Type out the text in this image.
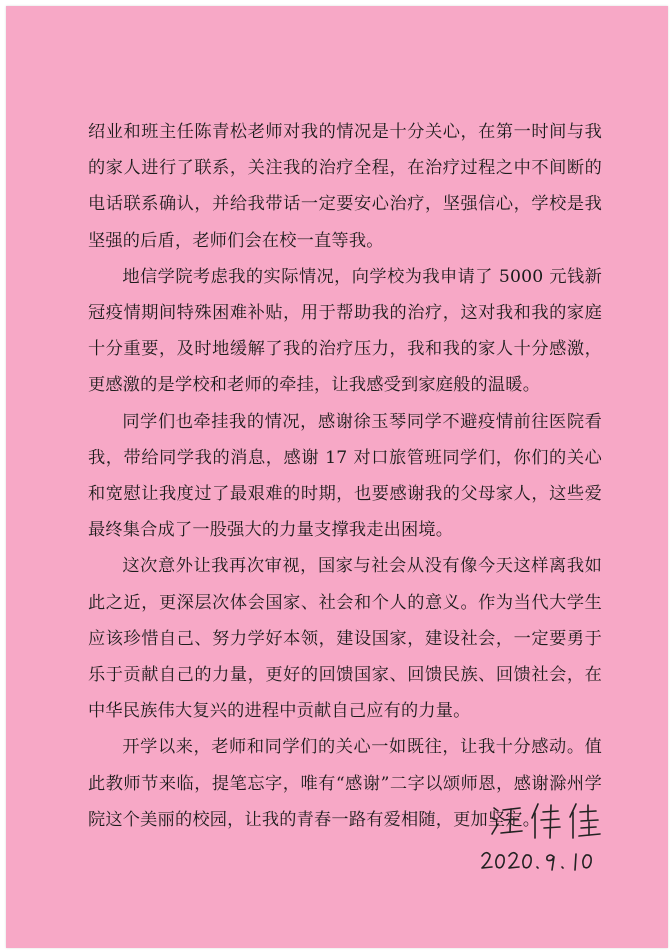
绍业和班主任陈青松老师对我的情况是十分关心，在第一时间与我的家人进行了联系，关注我的治疗全程，在治疗过程之中不间断的电话联系确认，并给我带话一定要安心治疗，坚强信心，学校是我坚强的后盾，老师们会在校一直等我。

地信学院考虑我的实际情况，向学校为我申请了 5000 元钱新冠疫情期间特殊困难补贴，用于帮助我的治疗，这对我和我的家庭十分重要，及时地缓解了我的治疗压力，我和我的家人十分感激，更感激的是学校和老师的牵挂，让我感受到家庭般的温暖。

同学们也牵挂我的情况，感谢徐玉琴同学不避疫情前往医院看我，带给同学我的消息，感谢 17 对口旅管班同学们，你们的关心和宽慰让我度过了最艰难的时期，也要感谢我的父母家人，这些爱最终集合成了一股强大的力量支撑我走出困境。

这次意外让我再次审视，国家与社会从没有像今天这样离我如此之近，更深层次体会国家、社会和个人的意义。作为当代大学生应该珍惜自己、努力学好本领，建设国家，建设社会，一定要勇于乐于贡献自己的力量，更好的回馈国家、回馈民族、回馈社会，在中华民族伟大复兴的进程中贡献自己应有的力量。

开学以来，老师和同学们的关心一如既往，让我十分感动。值此教师节来临，提笔忘字，唯有“感谢”二字以颂师恩，感谢滁州学院这个美丽的校园，让我的青春一路有爱相随，更加坚定。
